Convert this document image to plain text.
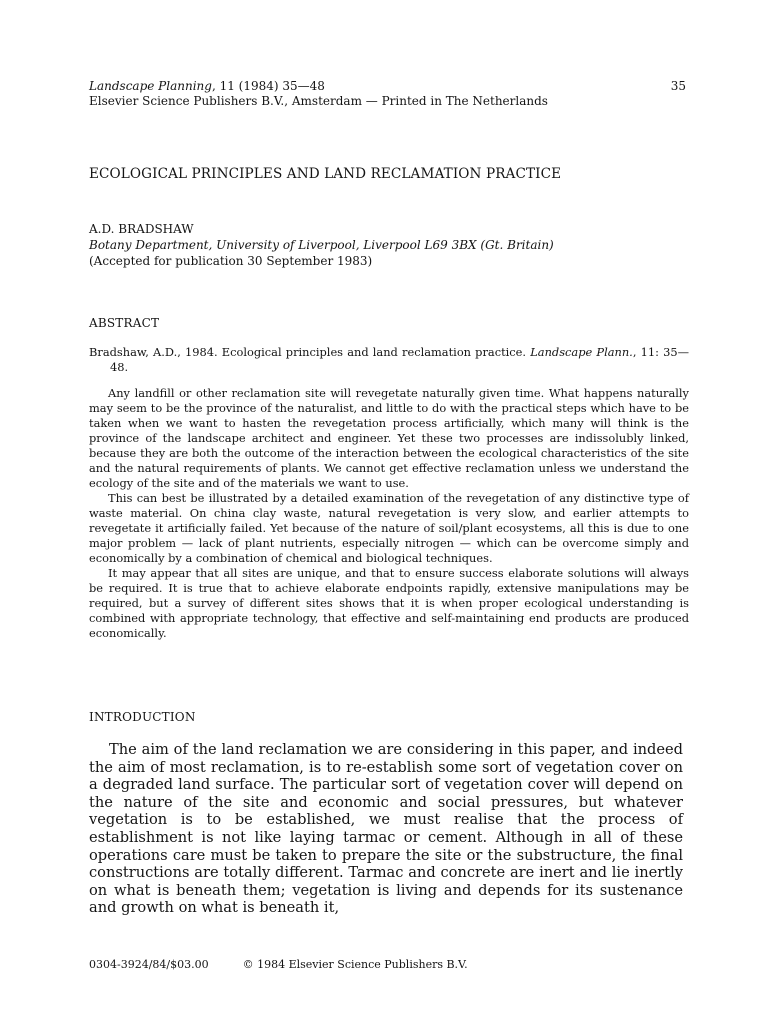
Landscape Planning, 11 (1984) 35—48
Elsevier Science Publishers B.V., Amsterdam — Printed in The Netherlands
35
ECOLOGICAL PRINCIPLES AND LAND RECLAMATION PRACTICE
A.D. BRADSHAW
Botany Department, University of Liverpool, Liverpool L69 3BX (Gt. Britain)
(Accepted for publication 30 September 1983)
ABSTRACT

Bradshaw, A.D., 1984. Ecological principles and land reclamation practice. Landscape Plann., 11: 35—48.

Any landfill or other reclamation site will revegetate naturally given time. What happens naturally may seem to be the province of the naturalist, and little to do with the practical steps which have to be taken when we want to hasten the revegetation process artificially, which many will think is the province of the landscape architect and engineer. Yet these two processes are indissolubly linked, because they are both the outcome of the interaction between the ecological characteristics of the site and the natural requirements of plants. We cannot get effective reclamation unless we understand the ecology of the site and of the materials we want to use.

This can best be illustrated by a detailed examination of the revegetation of any distinctive type of waste material. On china clay waste, natural revegetation is very slow, and earlier attempts to revegetate it artificially failed. Yet because of the nature of soil/plant ecosystems, all this is due to one major problem — lack of plant nutrients, especially nitrogen — which can be overcome simply and economically by a combination of chemical and biological techniques.

It may appear that all sites are unique, and that to ensure success elaborate solutions will always be required. It is true that to achieve elaborate endpoints rapidly, extensive manipulations may be required, but a survey of different sites shows that it is when proper ecological understanding is combined with appropriate technology, that effective and self-maintaining end products are produced economically.

INTRODUCTION

The aim of the land reclamation we are considering in this paper, and indeed the aim of most reclamation, is to re-establish some sort of vegetation cover on a degraded land surface. The particular sort of vegetation cover will depend on the nature of the site and economic and social pressures, but whatever vegetation is to be established, we must realise that the process of establishment is not like laying tarmac or cement. Although in all of these operations care must be taken to prepare the site or the substructure, the final constructions are totally different. Tarmac and concrete are inert and lie inertly on what is beneath them; vegetation is living and depends for its sustenance and growth on what is beneath it,

0304-3924/84/$03.00	© 1984 Elsevier Science Publishers B.V.
